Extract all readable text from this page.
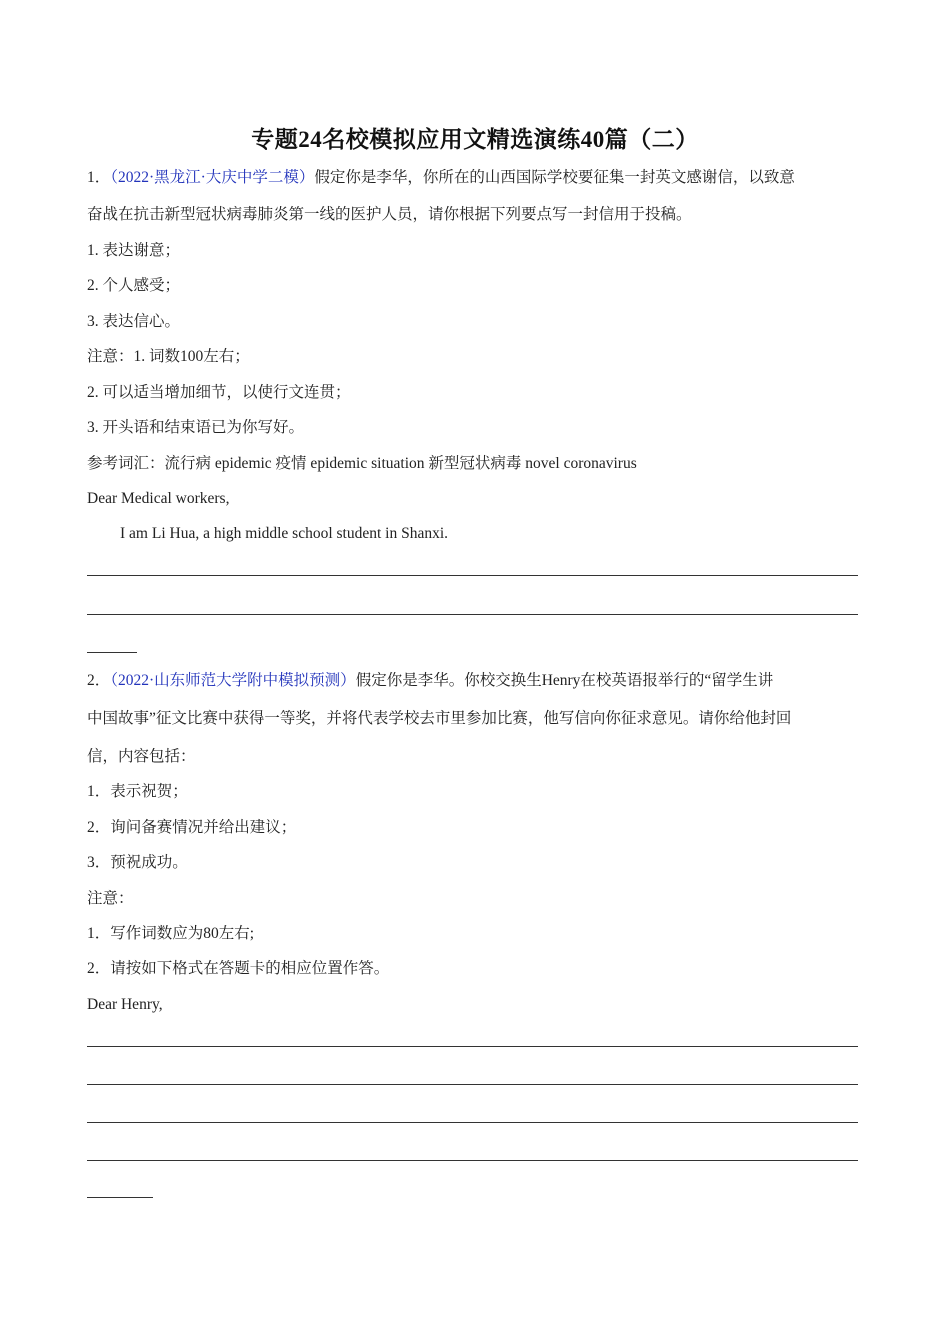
专题24名校模拟应用文精选演练40篇（二）
1．（2022·黑龙江·大庆中学二模）假定你是李华，你所在的山西国际学校要征集一封英文感谢信，以致意
奋战在抗击新型冠状病毒肺炎第一线的医护人员，请你根据下列要点写一封信用于投稿。
1. 表达谢意；
2. 个人感受；
3. 表达信心。
注意：1. 词数100左右；
2. 可以适当增加细节，以使行文连贯；
3. 开头语和结束语已为你写好。
参考词汇：流行病 epidemic 疫情 epidemic situation 新型冠状病毒 novel coronavirus
Dear Medical workers,
I am Li Hua, a high middle school student in Shanxi.
2．（2022·山东师范大学附中模拟预测）假定你是李华。你校交换生Henry在校英语报举行的“留学生讲
中国故事”征文比赛中获得一等奖，并将代表学校去市里参加比赛，他写信向你征求意见。请你给他封回
信，内容包括：
1．表示祝贺；
2．询问备赛情况并给出建议；
3．预祝成功。
注意：
1．写作词数应为80左右;
2．请按如下格式在答题卡的相应位置作答。
Dear Henry,
